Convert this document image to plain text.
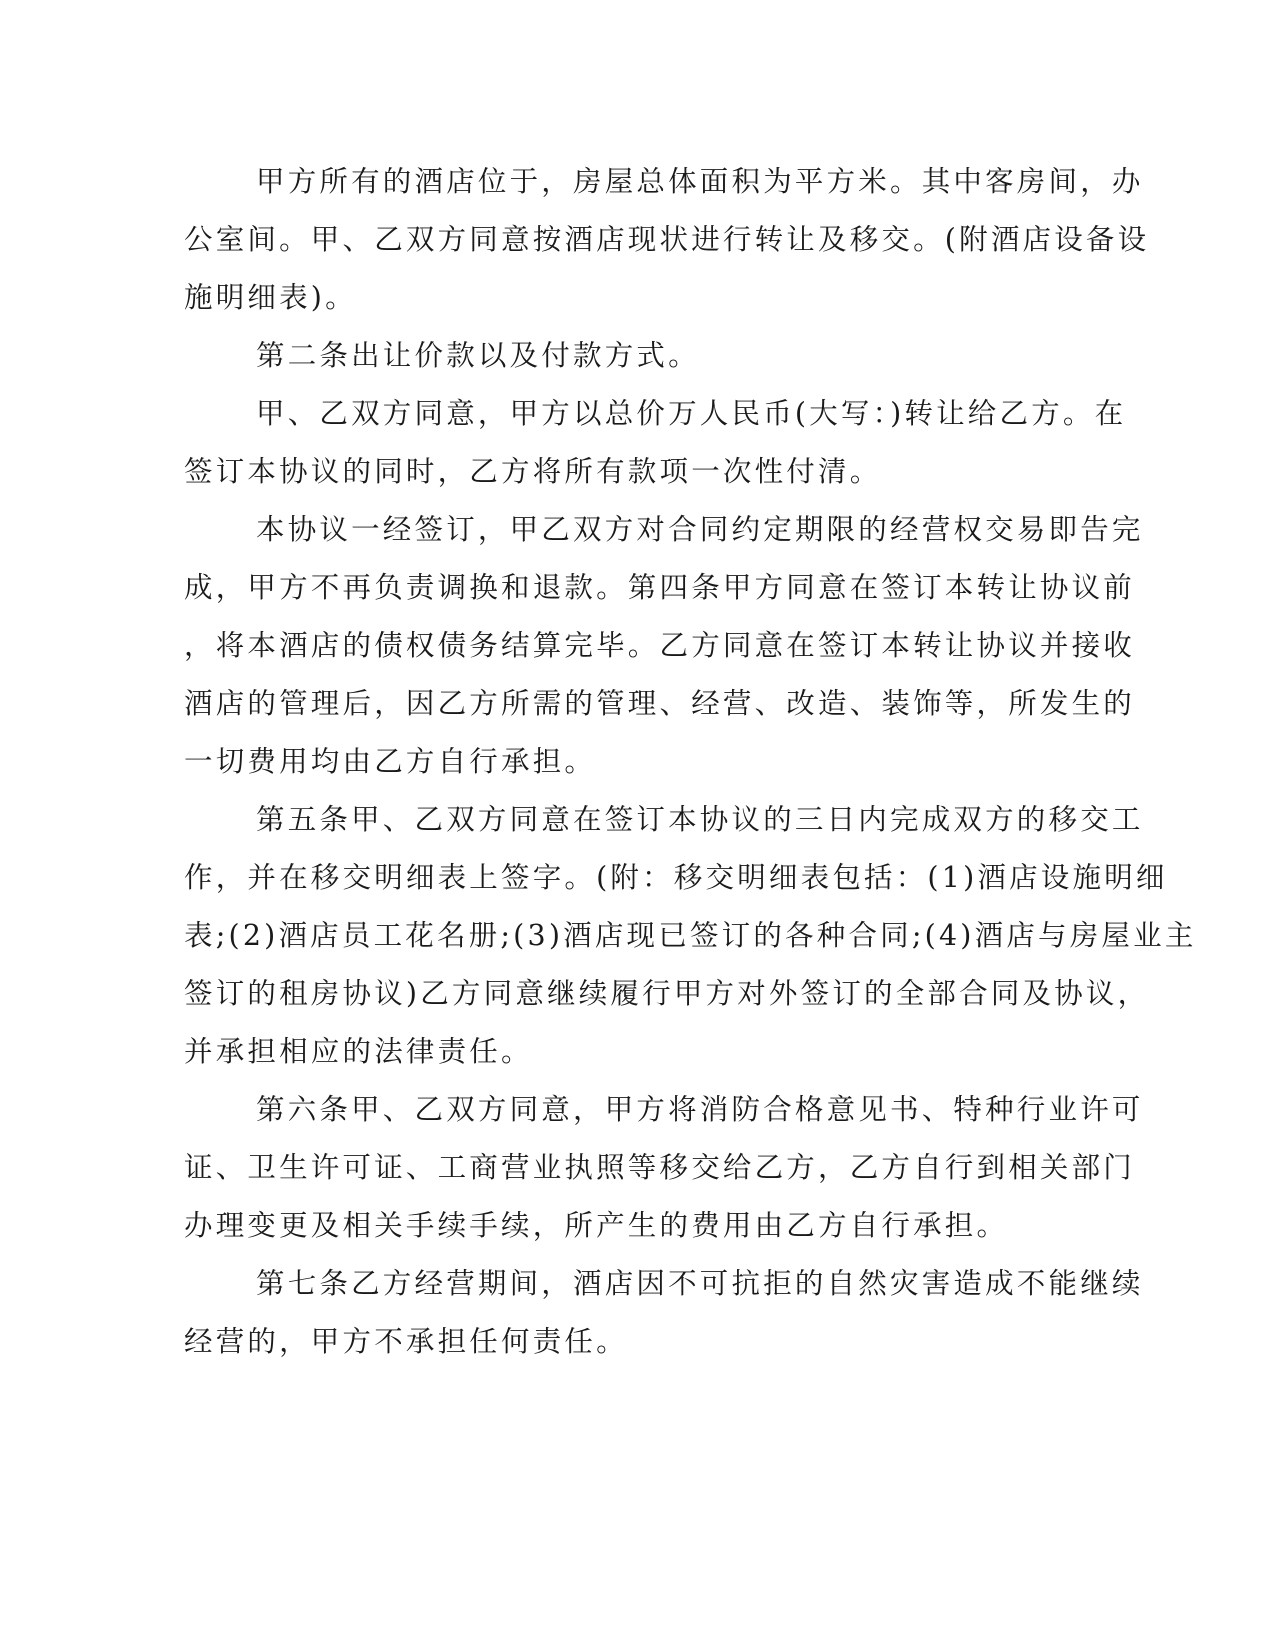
甲方所有的酒店位于，房屋总体面积为平方米。其中客房间，办
公室间。甲、乙双方同意按酒店现状进行转让及移交。(附酒店设备设
施明细表)。
第二条出让价款以及付款方式。
甲、乙双方同意，甲方以总价万人民币(大写：)转让给乙方。在
签订本协议的同时，乙方将所有款项一次性付清。
本协议一经签订，甲乙双方对合同约定期限的经营权交易即告完
成，甲方不再负责调换和退款。第四条甲方同意在签订本转让协议前
，将本酒店的债权债务结算完毕。乙方同意在签订本转让协议并接收
酒店的管理后，因乙方所需的管理、经营、改造、装饰等，所发生的
一切费用均由乙方自行承担。
第五条甲、乙双方同意在签订本协议的三日内完成双方的移交工
作，并在移交明细表上签字。(附：移交明细表包括：(1)酒店设施明细
表;(2)酒店员工花名册;(3)酒店现已签订的各种合同;(4)酒店与房屋业主
签订的租房协议)乙方同意继续履行甲方对外签订的全部合同及协议，
并承担相应的法律责任。
第六条甲、乙双方同意，甲方将消防合格意见书、特种行业许可
证、卫生许可证、工商营业执照等移交给乙方，乙方自行到相关部门
办理变更及相关手续手续，所产生的费用由乙方自行承担。
第七条乙方经营期间，酒店因不可抗拒的自然灾害造成不能继续
经营的，甲方不承担任何责任。
